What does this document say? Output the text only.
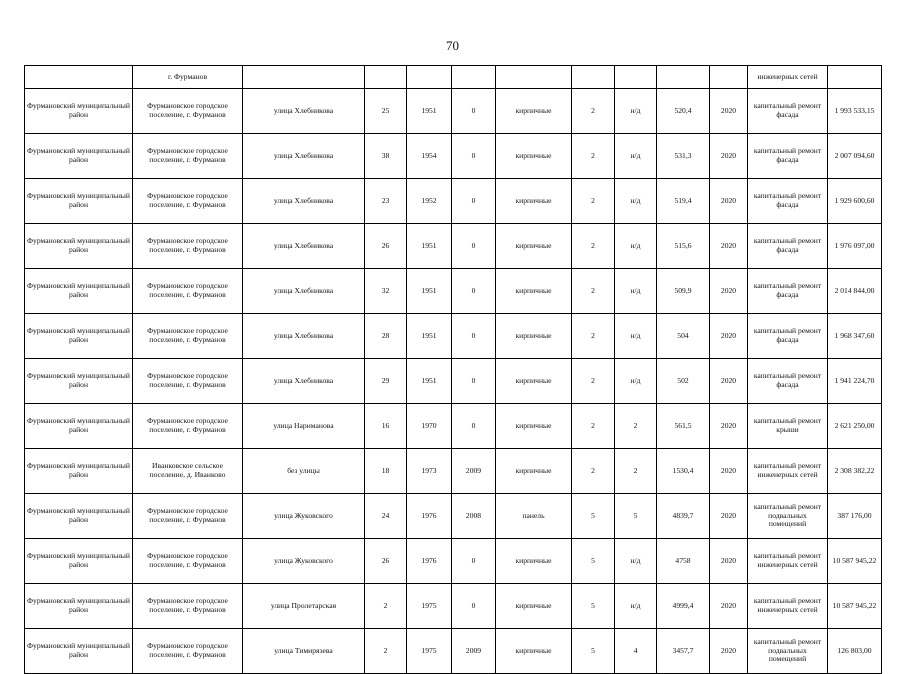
70
	г. Фурманов										инженерных сетей	
Фурмановский муниципальный район	Фурмановское городское поселение, г. Фурманов	улица Хлебникова	25	1951	0	кирпичные	2	н/д	520,4	2020	капитальный ремонт фасада	1 993 533,15
Фурмановский муниципальный район	Фурмановское городское поселение, г. Фурманов	улица Хлебникова	38	1954	0	кирпичные	2	н/д	531,3	2020	капитальный ремонт фасада	2 007 094,60
Фурмановский муниципальный район	Фурмановское городское поселение, г. Фурманов	улица Хлебникова	23	1952	0	кирпичные	2	н/д	519,4	2020	капитальный ремонт фасада	1 929 600,60
Фурмановский муниципальный район	Фурмановское городское поселение, г. Фурманов	улица Хлебникова	26	1951	0	кирпичные	2	н/д	515,6	2020	капитальный ремонт фасада	1 976 097,00
Фурмановский муниципальный район	Фурмановское городское поселение, г. Фурманов	улица Хлебникова	32	1951	0	кирпичные	2	н/д	509,9	2020	капитальный ремонт фасада	2 014 844,00
Фурмановский муниципальный район	Фурмановское городское поселение, г. Фурманов	улица Хлебникова	28	1951	0	кирпичные	2	н/д	504	2020	капитальный ремонт фасада	1 968 347,60
Фурмановский муниципальный район	Фурмановское городское поселение, г. Фурманов	улица Хлебникова	29	1951	0	кирпичные	2	н/д	502	2020	капитальный ремонт фасада	1 941 224,70
Фурмановский муниципальный район	Фурмановское городское поселение, г. Фурманов	улица Нариманова	16	1970	0	кирпичные	2	2	561,5	2020	капитальный ремонт крыши	2 621 250,00
Фурмановский муниципальный район	Иванковское сельское поселение, д. Иванково	без улицы	18	1973	2009	кирпичные	2	2	1530,4	2020	капитальный ремонт инженерных сетей	2 308 382,22
Фурмановский муниципальный район	Фурмановское городское поселение, г. Фурманов	улица Жуковского	24	1976	2008	панель	5	5	4839,7	2020	капитальный ремонт подвальных помещений	387 176,00
Фурмановский муниципальный район	Фурмановское городское поселение, г. Фурманов	улица Жуковского	26	1976	0	кирпичные	5	н/д	4758	2020	капитальный ремонт инженерных сетей	10 587 945,22
Фурмановский муниципальный район	Фурмановское городское поселение, г. Фурманов	улица Пролетарская	2	1975	0	кирпичные	5	н/д	4999,4	2020	капитальный ремонт инженерных сетей	10 587 945,22
Фурмановский муниципальный район	Фурмановское городское поселение, г. Фурманов	улица Тимирязева	2	1975	2009	кирпичные	5	4	3457,7	2020	капитальный ремонт подвальных помещений	126 803,00
